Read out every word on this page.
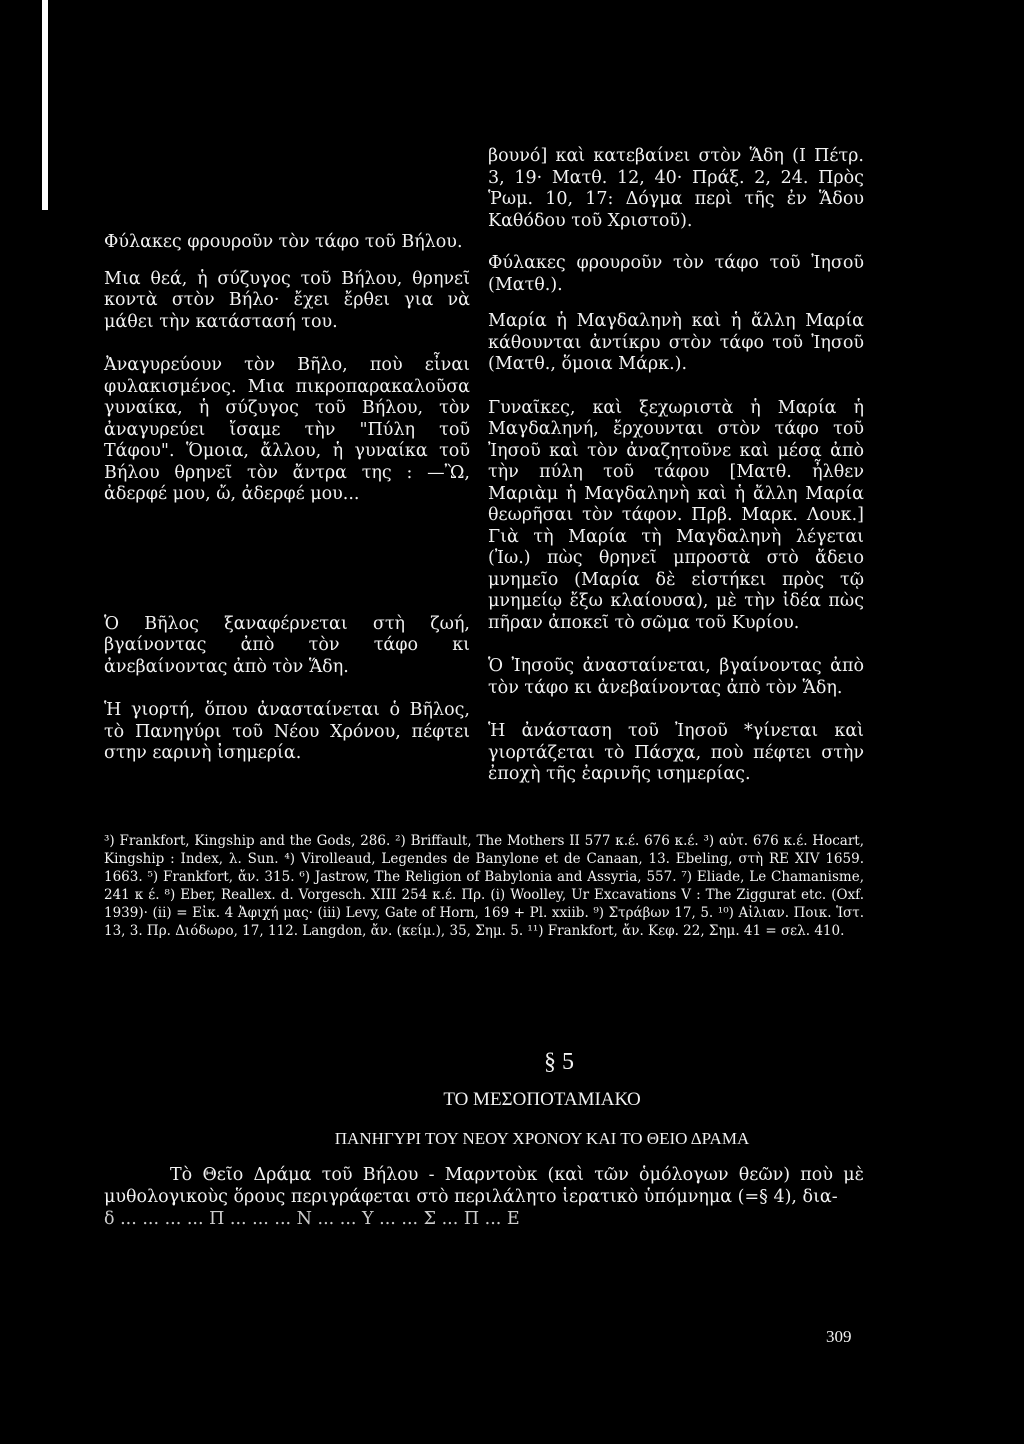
βουνό] καὶ κατεβαίνει στὸν Ἅδη (Ι Πέτρ. 3, 19· Ματθ. 12, 40· Πράξ. 2, 24. Πρὸς Ῥωμ. 10, 17: Δόγμα περὶ τῆς ἐν Ἅδου Καθόδου τοῦ Χριστοῦ).

Φύλακες φρουροῦν τὸν τάφο τοῦ Ἰησοῦ (Ματθ.).

Μαρία ἡ Μαγδαληνὴ καὶ ἡ ἄλλη Μαρία κάθουνται ἀντίκρυ στὸν τάφο τοῦ Ἰησοῦ (Ματθ., ὅμοια Μάρκ.).

Γυναῖκες, καὶ ξεχωριστὰ ἡ Μαρία ἡ Μαγδαληνή, ἔρχουνται στὸν τάφο τοῦ Ἰησοῦ καὶ τὸν ἀναζητοῦνε καὶ μέσα ἀπὸ τὴν πύλη τοῦ τάφου [Ματθ. ἦλθεν Μαριὰμ ἡ Μαγδαληνὴ καὶ ἡ ἄλλη Μαρία θεωρῆσαι τὸν τάφον. Πρβ. Μαρκ. Λουκ.] Γιὰ τὴ Μαρία τὴ Μαγδαληνὴ λέγεται (Ἰω.) πὼς θρηνεῖ μπροστὰ στὸ ἄδειο μνημεῖο (Μαρία δὲ εἱστήκει πρὸς τῷ μνημείῳ ἔξω κλαίουσα), μὲ τὴν ἰδέα πὼς πῆραν ἀποκεῖ τὸ σῶμα τοῦ Κυρίου.

Ὁ Ἰησοῦς ἀνασταίνεται, βγαίνοντας ἀπὸ τὸν τάφο κι ἀνεβαίνοντας ἀπὸ τὸν Ἅδη.

Ἡ ἀνάσταση τοῦ Ἰησοῦ *γίνεται καὶ γιορτάζεται τὸ Πάσχα, ποὺ πέφτει στὴν ἐποχὴ τῆς ἐαρινῆς ισημερίας.

Φύλακες φρουροῦν τὸν τάφο τοῦ Βήλου.

Μια θεά, ἡ σύζυγος τοῦ Βήλου, θρηνεῖ κοντὰ στὸν Βήλο· ἔχει ἔρθει για νὰ μάθει τὴν κατάστασή του.

Ἀναγυρεύουν τὸν Βῆλο, ποὺ εἶναι φυλακισμένος. Μια πικροπαρακαλοῦσα γυναίκα, ἡ σύζυγος τοῦ Βήλου, τὸν ἀναγυρεύει ἴσαμε τὴν "Πύλη τοῦ Τάφου". Ὅμοια, ἄλλου, ἡ γυναίκα τοῦ Βήλου θρηνεῖ τὸν ἄντρα της : —Ὢ, ἀδερφέ μου, ὤ, ἀδερφέ μου...

Ὁ Βῆλος ξαναφέρνεται στὴ ζωή, βγαίνοντας ἀπὸ τὸν τάφο κι ἀνεβαίνοντας ἀπὸ τὸν Ἅδη.

Ἡ γιορτή, ὅπου ἀνασταίνεται ὁ Βῆλος, τὸ Πανηγύρι τοῦ Νέου Χρόνου, πέφτει στην εαρινὴ ἰσημερία.

³) Frankfort, Kingship and the Gods, 286. ²) Briffault, The Mothers II 577 κ.έ. 676 κ.έ. ³) αὐτ. 676 κ.έ. Hocart, Kingship : Index, λ. Sun. ⁴) Virolleaud, Legendes de Banylone et de Canaan, 13. Ebeling, στὴ RE XIV 1659. 1663. ⁵) Frankfort, ἄν. 315. ⁶) Jastrow, The Religion of Babylonia and Assyria, 557. ⁷) Eliade, Le Chamanisme, 241 κ έ. ⁸) Eber, Reallex. d. Vorgesch. XIII 254 κ.έ. Πρ. (i) Woolley, Ur Excavations V : The Ziggurat etc. (Oxf. 1939)· (ii) = Εἰκ. 4 Ἀφιχή μας· (iii) Levy, Gate of Horn, 169 + Pl. xxiib. ⁹) Στράβων 17, 5. ¹⁰) Αἰλιαν. Ποικ. Ἱστ. 13, 3. Πρ. Διόδωρο, 17, 112. Langdon, ἄν. (κείμ.), 35, Σημ. 5. ¹¹) Frankfort, ἄν. Κεφ. 22, Σημ. 41 = σελ. 410.

§ 5
ΤΟ ΜΕΣΟΠΟΤΑΜΙΑΚΟ
ΠΑΝΗΓΥΡΙ ΤΟΥ ΝΕΟΥ ΧΡΟΝΟΥ ΚΑΙ ΤΟ ΘΕΙΟ ΔΡΑΜΑ

Τὸ Θεῖο Δράμα τοῦ Βήλου - Μαρντοὺκ (καὶ τῶν ὁμόλογων θεῶν) ποὺ μὲ μυθολογικοὺς ὅρους περιγράφεται στὸ περιλάλητο ἱερατικὸ ὑπόμνημα (=§ 4), δια-

δ ... ... ... ... Π ... ... ... Ν ... ... Υ ... ... Σ ... Π ... Ε
309
